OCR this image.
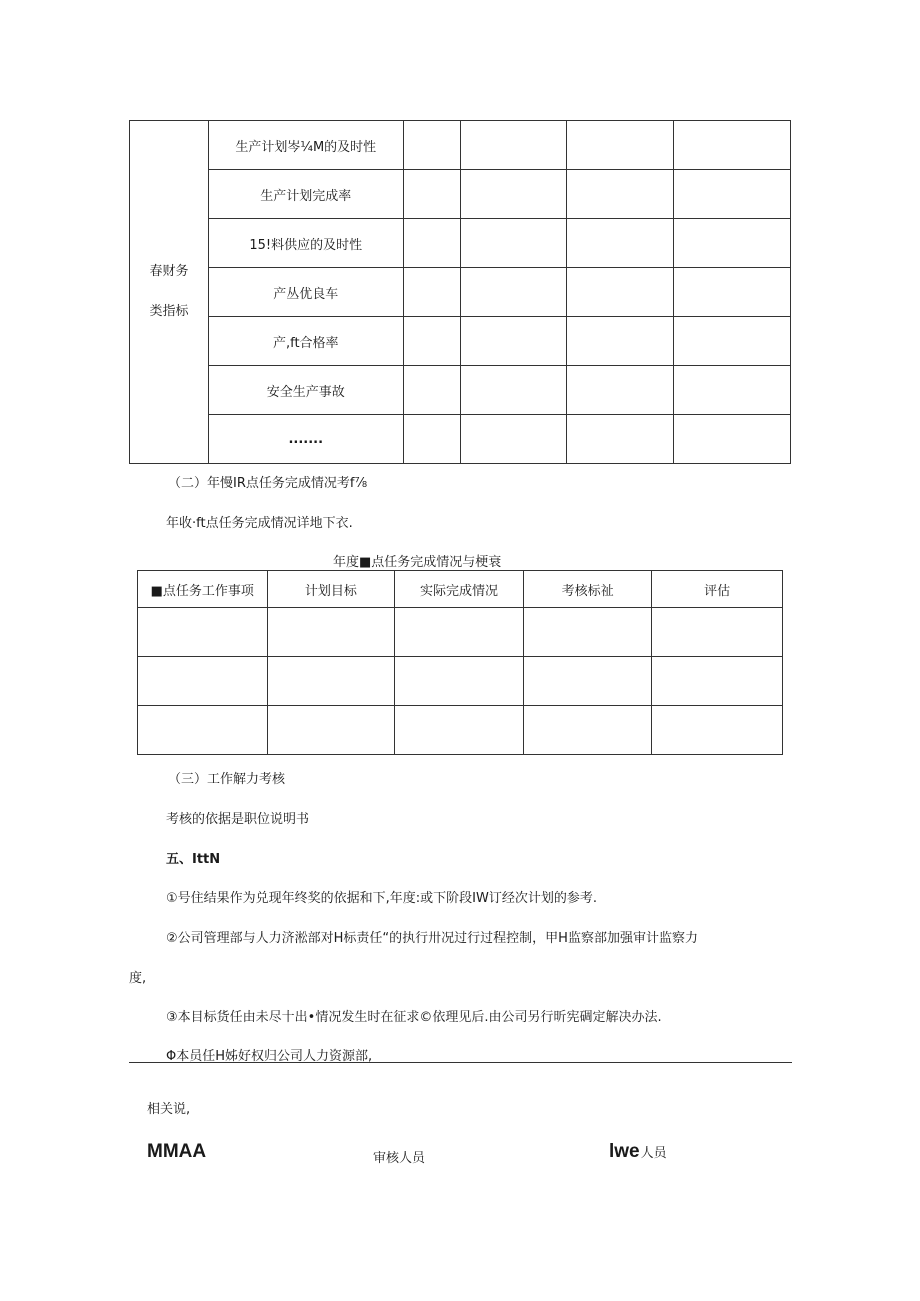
春财务
类指标	生产计划岑¼M的及时性				
	生产计划完成率				
	15!料供应的及时性				
	产丛优良车				
	产,ft合格率				
	安全生产事故				
	.......				
（二）年慢IR点任务完成情况考f⅞
年收·ft点任务完成情况详地下衣.
年度■点任务完成情况与梗衰
■点任务工作事项	计划目标	实际完成情况	考核标祉	评估

（三）工作解力考核
考核的依据是职位说明书
五、IttN
①号住结果作为兑现年终奖的依据和下,年度:或下阶段IW订经次计划的参考.
②公司管理部与人力济淞部对H标责任“的执行卅况过行过程控制，甲H监察部加强审计监察力
度,
③本目标货任由未尽十出•情况发生时在征求©依理见后.由公司另行昕宪碉定解决办法.
Φ本员任H姊好权归公司人力资源部,
相关说,
MMAA	审核人员	lwe人员
